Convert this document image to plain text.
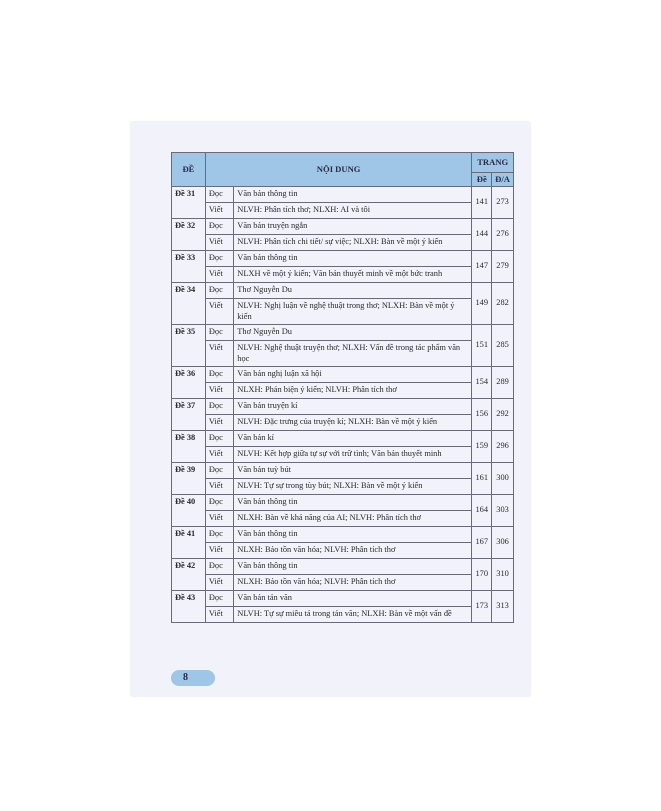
ĐỀ	NỘI DUNG		TRANG	
			Đề	Đ/A
Đề 31	Đọc	Văn bản thông tin	141	273
	Viết	NLVH: Phân tích thơ; NLXH: AI và tôi		
Đề 32	Đọc	Văn bản truyện ngắn	144	276
	Viết	NLVH: Phân tích chi tiết/ sự việc; NLXH: Bàn về một ý kiến		
Đề 33	Đọc	Văn bản thông tin	147	279
	Viết	NLXH về một ý kiến; Văn bản thuyết minh về một bức tranh		
Đề 34	Đọc	Thơ Nguyễn Du	149	282
	Viết	NLVH: Nghị luận về nghệ thuật trong thơ; NLXH: Bàn về một ý kiến		
Đề 35	Đọc	Thơ Nguyễn Du	151	285
	Viết	NLVH: Nghệ thuật truyện thơ; NLXH: Vấn đề trong tác phẩm văn học		
Đề 36	Đọc	Văn bản nghị luận xã hội	154	289
	Viết	NLXH: Phản biện ý kiến; NLVH: Phân tích thơ		
Đề 37	Đọc	Văn bản truyện kí	156	292
	Viết	NLVH: Đặc trưng của truyện kí; NLXH: Bàn về một ý kiến		
Đề 38	Đọc	Văn bản kí	159	296
	Viết	NLVH: Kết hợp giữa tự sự với trữ tình; Văn bản thuyết minh		
Đề 39	Đọc	Văn bản tuỳ bút	161	300
	Viết	NLVH: Tự sự trong tùy bút; NLXH: Bàn về một ý kiến		
Đề 40	Đọc	Văn bản thông tin	164	303
	Viết	NLXH: Bàn về khả năng của AI; NLVH: Phân tích thơ		
Đề 41	Đọc	Văn bản thông tin	167	306
	Viết	NLXH: Bảo tồn văn hóa; NLVH: Phân tích thơ		
Đề 42	Đọc	Văn bản thông tin	170	310
	Viết	NLXH: Bảo tồn văn hóa; NLVH: Phân tích thơ		
Đề 43	Đọc	Văn bản tản văn	173	313
	Viết	NLVH: Tự sự miêu tả trong tản văn; NLXH: Bàn về một vấn đề		
8
